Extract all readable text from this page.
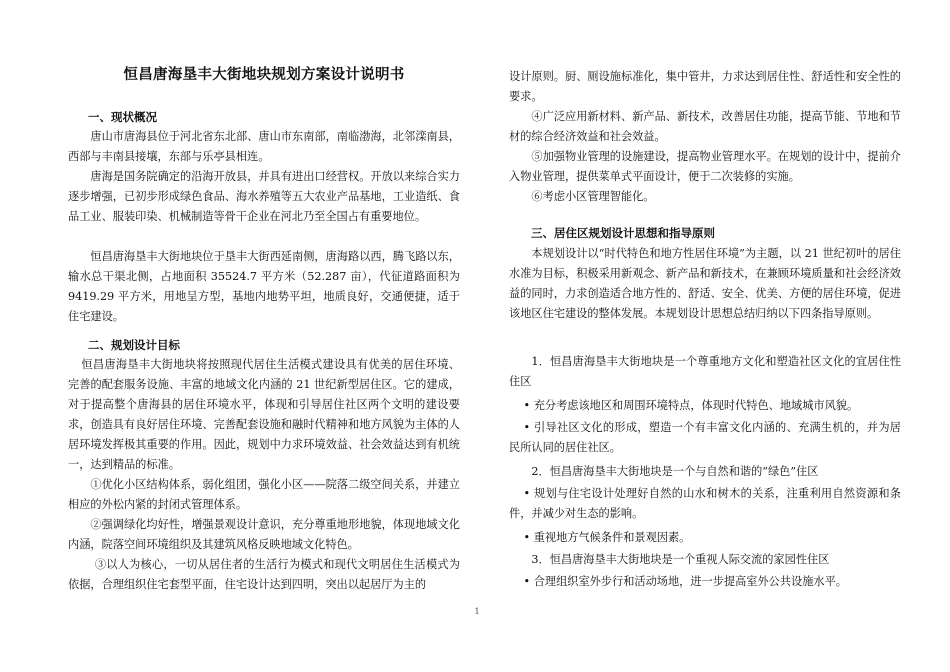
恒昌唐海垦丰大街地块规划方案设计说明书
一、现状概况

唐山市唐海县位于河北省东北部、唐山市东南部，南临渤海，北邻滦南县，西部与丰南县接壤，东部与乐亭县相连。

唐海是国务院确定的沿海开放县，并具有进出口经营权。开放以来综合实力逐步增强，已初步形成绿色食品、海水养殖等五大农业产品基地，工业造纸、食品工业、服装印染、机械制造等骨干企业在河北乃至全国占有重要地位。

恒昌唐海垦丰大街地块位于垦丰大街西延南侧，唐海路以西，腾飞路以东，输水总干渠北侧，占地面积 35524.7 平方米（52.287 亩），代征道路面积为 9419.29 平方米，用地呈方型，基地内地势平坦，地质良好，交通便捷，适于住宅建设。

二、规划设计目标

恒昌唐海垦丰大街地块将按照现代居住生活模式建设具有优美的居住环境、完善的配套服务设施、丰富的地域文化内涵的 21 世纪新型居住区。它的建成，对于提高整个唐海县的居住环境水平，体现和引导居住社区两个文明的建设要求，创造具有良好居住环境、完善配套设施和融时代精神和地方风貌为主体的人居环境发挥极其重要的作用。因此，规划中力求环境效益、社会效益达到有机统一，达到精品的标准。

①优化小区结构体系，弱化组团，强化小区——院落二级空间关系，并建立相应的外松内紧的封闭式管理体系。

②强调绿化均好性，增强景观设计意识，充分尊重地形地貌，体现地域文化内涵，院落空间环境组织及其建筑风格反映地域文化特色。

③以人为核心，一切从居住者的生活行为模式和现代文明居住生活模式为依据，合理组织住宅套型平面，住宅设计达到四明，突出以起居厅为主的

设计原则。厨、厕设施标准化，集中管井，力求达到居住性、舒适性和安全性的要求。

④广泛应用新材料、新产品、新技术，改善居住功能，提高节能、节地和节材的综合经济效益和社会效益。

⑤加强物业管理的设施建设，提高物业管理水平。在规划的设计中，提前介入物业管理，提供菜单式平面设计，便于二次装修的实施。

⑥考虑小区管理智能化。

三、居住区规划设计思想和指导原则

本规划设计以“时代特色和地方性居住环境”为主题，以 21 世纪初叶的居住水准为目标，积极采用新观念、新产品和新技术，在兼顾环境质量和社会经济效益的同时，力求创造适合地方性的、舒适、安全、优美、方便的居住环境，促进该地区住宅建设的整体发展。本规划设计思想总结归纳以下四条指导原则。

1．恒昌唐海垦丰大街地块是一个尊重地方文化和塑造社区文化的宜居住性住区

• 充分考虑该地区和周围环境特点，体现时代特色、地域城市风貌。

• 引导社区文化的形成，塑造一个有丰富文化内涵的、充满生机的，并为居民所认同的居住社区。

2．恒昌唐海垦丰大街地块是一个与自然和谐的“绿色”住区

• 规划与住宅设计处理好自然的山水和树木的关系，注重利用自然资源和条件，并减少对生态的影响。

• 重视地方气候条件和景观因素。

3．恒昌唐海垦丰大街地块是一个重视人际交流的家园性住区

• 合理组织室外步行和活动场地，进一步提高室外公共设施水平。

1
